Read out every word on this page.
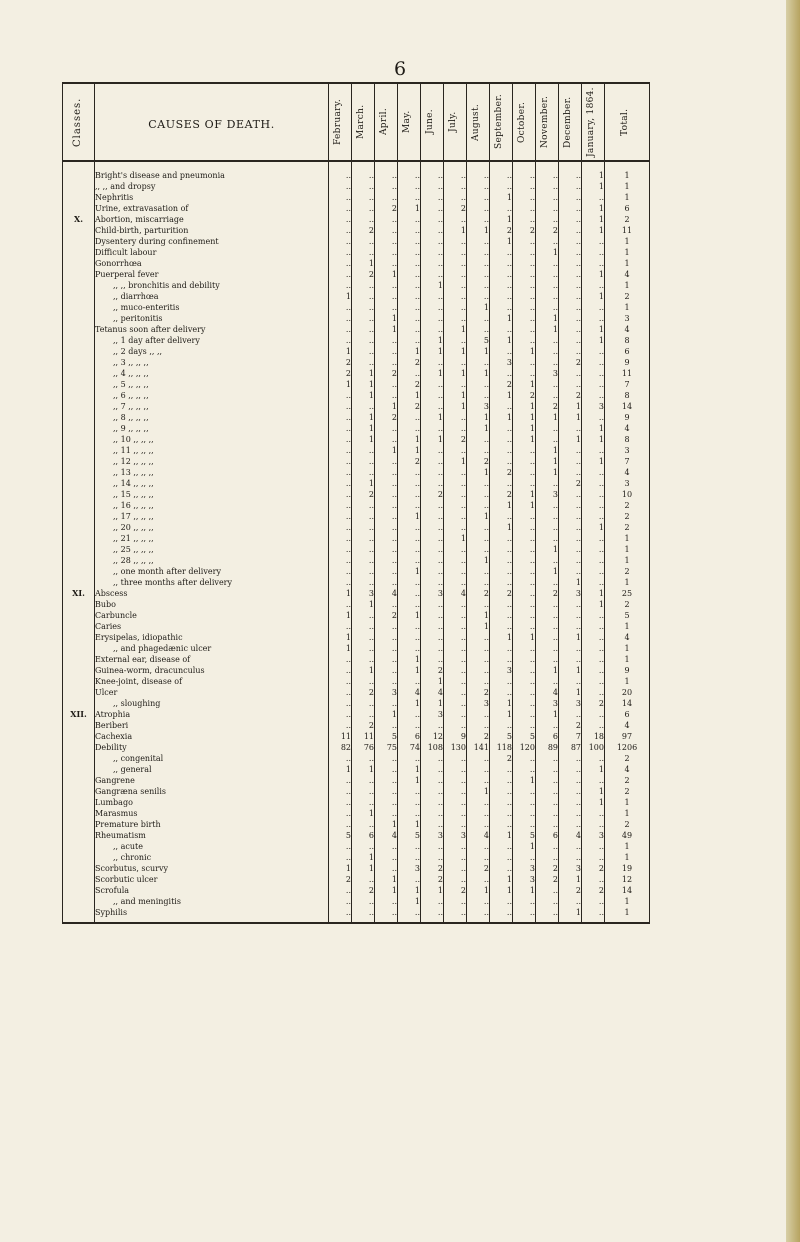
6
Classes.	CAUSES OF DEATH.	February.	March.	April.	May.	June.	July.	August.	September.	October.	November.	December.	January, 1864.	Total.

	Bright's disease and pneumonia	..	..	..	..	..	..	..	..	..	..	..	1	1
	,, ,, and dropsy	..	..	..	..	..	..	..	..	..	..	..	1	1
	Nephritis	..	..	..	..	..	..	..	1	..	..	..	..	1
	Urine, extravasation of	..	..	2	1	..	2	..	..	..	..	..	1	6
X.	Abortion, miscarriage	..	..	..	..	..	..	..	1	..	..	..	1	2
	Child-birth, parturition	..	2	..	..	..	1	1	2	2	2	..	1	11
	Dysentery during confinement	..	..	..	..	..	..	..	1	..	..	..	..	1
	Difficult labour	..	..	..	..	..	..	..	..	..	1	..	..	1
	Gonorrhœa	..	1	..	..	..	..	..	..	..	..	..	..	1
	Puerperal fever	..	2	1	..	..	..	..	..	..	..	..	1	4
	,, ,, bronchitis and debility	..	..	..	..	1	..	..	..	..	..	..	..	1
	,, diarrhœa	1	..	..	..	..	..	..	..	..	..	..	1	2
	,, muco-enteritis	..	..	..	..	..	..	1	..	..	..	..	..	1
	,, peritonitis	..	..	1	..	..	..	..	1	..	1	..	..	3
	Tetanus soon after delivery	..	..	1	..	..	1	..	..	..	1	..	1	4
	,, 1 day after delivery	..	..	..	..	1	..	5	1	..	..	..	1	8
	,, 2 days ,, ,,	1	..	..	1	1	1	1	..	1	..	..	..	6
	,, 3 ,, ,, ,,	2	..	..	2	..	..	..	3	..	..	2	..	9
	,, 4 ,, ,, ,,	2	1	2	..	1	1	1	..	..	3	..	..	11
	,, 5 ,, ,, ,,	1	1	..	2	..	..	..	2	1	..	..	..	7
	,, 6 ,, ,, ,,	..	1	..	1	..	1	..	1	2	..	2	..	8
	,, 7 ,, ,, ,,	..	..	1	2	..	1	3	..	1	2	1	3	14
	,, 8 ,, ,, ,,	..	1	2	..	1	..	1	1	1	1	1	..	9
	,, 9 ,, ,, ,,	..	1	..	..	..	..	1	..	1	..	..	1	4
	,, 10 ,, ,, ,,	..	1	..	1	1	2	..	..	1	..	1	1	8
	,, 11 ,, ,, ,,	..	..	1	1	..	..	..	..	..	1	..	..	3
	,, 12 ,, ,, ,,	..	..	..	2	..	1	2	..	..	1	..	1	7
	,, 13 ,, ,, ,,	..	..	..	..	..	..	1	2	..	1	..	..	4
	,, 14 ,, ,, ,,	..	1	..	..	..	..	..	..	..	..	2	..	3
	,, 15 ,, ,, ,,	..	2	..	..	2	..	..	2	1	3	..	..	10
	,, 16 ,, ,, ,,	..	..	..	..	..	..	..	1	1	..	..	..	2
	,, 17 ,, ,, ,,	..	..	..	1	..	..	1	..	..	..	..	..	2
	,, 20 ,, ,, ,,	..	..	..	..	..	..	..	1	..	..	..	1	2
	,, 21 ,, ,, ,,	..	..	..	..	..	1	..	..	..	..	..	..	1
	,, 25 ,, ,, ,,	..	..	..	..	..	..	..	..	..	1	..	..	1
	,, 28 ,, ,, ,,	..	..	..	..	..	..	1	..	..	..	..	..	1
	,, one month after delivery	..	..	..	1	..	..	..	..	..	1	..	..	2
	,, three months after delivery	..	..	..	..	..	..	..	..	..	..	1	..	1
XI.	Abscess	1	3	4	..	3	4	2	2	..	2	3	1	25
	Bubo	..	1	..	..	..	..	..	..	..	..	..	1	2
	Carbuncle	1	..	2	1	..	..	1	..	..	..	..	..	5
	Caries	..	..	..	..	..	..	1	..	..	..	..	..	1
	Erysipelas, idiopathic	1	..	..	..	..	..	..	1	1	..	1	..	4
	,, and phagedænic ulcer	1	..	..	..	..	..	..	..	..	..	..	..	1
	External ear, disease of	..	..	..	1	..	..	..	..	..	..	..	..	1
	Guinea-worm, dracunculus	..	1	..	1	2	..	..	3	..	1	1	..	9
	Knee-joint, disease of	..	..	..	..	1	..	..	..	..	..	..	..	1
	Ulcer	..	2	3	4	4	..	2	..	..	4	1	..	20
	,, sloughing	..	..	..	1	1	..	3	1	..	3	3	2	14
XII.	Atrophia	..	..	1	..	3	..	..	1	..	1	..	..	6
	Beriberi	..	2	..	..	..	..	..	..	..	..	2	..	4
	Cachexia	11	11	5	6	12	9	2	5	5	6	7	18	97
	Debility	82	76	75	74	108	130	141	118	120	89	87	100	1206
	,, congenital	..	..	..	..	..	..	..	2	..	..	..	..	2
	,, general	1	1	..	1	..	..	..	..	..	..	..	1	4
	Gangrene	..	..	..	1	..	..	..	..	1	..	..	..	2
	Gangræna senilis	..	..	..	..	..	..	1	..	..	..	..	1	2
	Lumbago	..	..	..	..	..	..	..	..	..	..	..	1	1
	Marasmus	..	1	..	..	..	..	..	..	..	..	..	..	1
	Premature birth	..	..	1	1	..	..	..	..	..	..	..	..	2
	Rheumatism	5	6	4	5	3	3	4	1	5	6	4	3	49
	,, acute	..	..	..	..	..	..	..	..	1	..	..	..	1
	,, chronic	..	1	..	..	..	..	..	..	..	..	..	..	1
	Scorbutus, scurvy	1	1	..	3	2	..	2	..	3	2	3	2	19
	Scorbutic ulcer	2	..	1	..	2	..	..	1	3	2	1	..	12
	Scrofula	..	2	1	1	1	2	1	1	1	..	2	2	14
	,, and meningitis	..	..	..	1	..	..	..	..	..	..	..	..	1
	Syphilis	..	..	..	..	..	..	..	..	..	..	1	..	1
